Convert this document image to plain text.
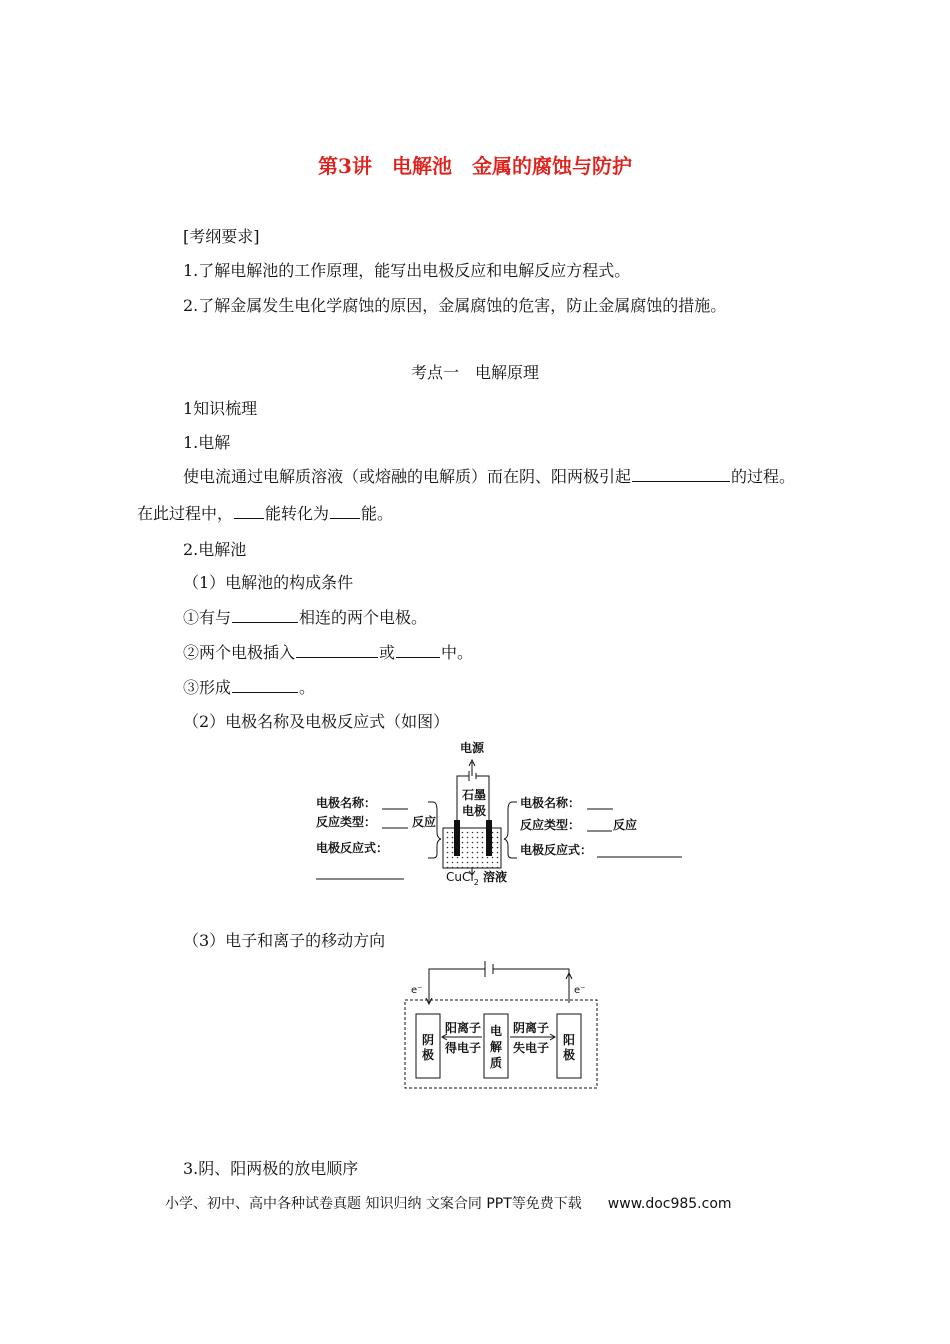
第3讲　电解池　金属的腐蚀与防护
[考纲要求]
1.了解电解池的工作原理，能写出电极反应和电解反应方程式。
2.了解金属发生电化学腐蚀的原因，金属腐蚀的危害，防止金属腐蚀的措施。
考点一　电解原理
1知识梳理
1.电解
使电流通过电解质溶液（或熔融的电解质）而在阴、阳两极引起	的过程。
在此过程中， 能转化为 能。
2.电解池
（1）电解池的构成条件
①有与	相连的两个电极。
②两个电极插入	或	中。
③形成	。
（2）电极名称及电极反应式（如图）
电源
石墨
电极
电极名称：
反应类型：	反应
电极反应式：
电极名称：
反应类型：	反应
电极反应式：
CuCl$_2$ 溶液
（3）电子和离子的移动方向
e⁻	e⁻
阴
极
阳离子
得电子
电
解
质
阴离子
失电子
阳
极
3.阴、阳两极的放电顺序
小学、初中、高中各种试卷真题 知识归纳 文案合同 PPT等免费下载 www.doc985.com
